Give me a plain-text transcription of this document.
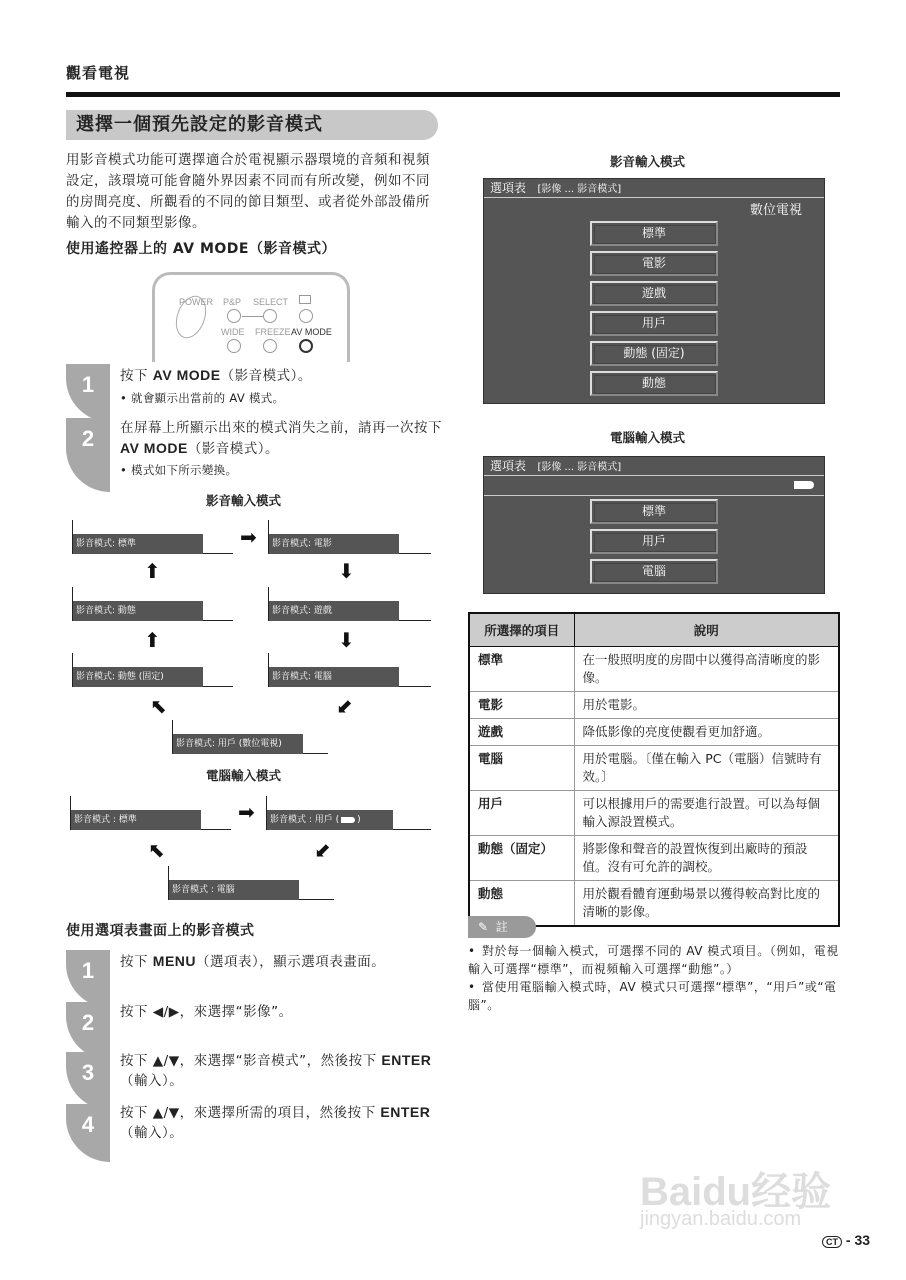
觀看電視
選擇一個預先設定的影音模式
用影音模式功能可選擇適合於電視顯示器環境的音頻和視頻設定，該環境可能會隨外界因素不同而有所改變，例如不同的房間亮度、所觀看的不同的節目類型、或者從外部設備所輸入的不同類型影像。
使用遙控器上的 AV MODE（影音模式）
POWER P&P SELECT
WIDE FREEZE AV MODE
1	按下 AV MODE（影音模式）。
• 就會顯示出當前的 AV 模式。
2	在屏幕上所顯示出來的模式消失之前，請再一次按下 AV MODE（影音模式）。
• 模式如下所示變換。
影音輸入模式
影音模式: 標準	➡	影音模式: 電影
⬆	⬇
影音模式: 動態	影音模式: 遊戲
⬆	⬇
影音模式: 動態 (固定)	影音模式: 電腦
⬉	⬋
影音模式: 用戶 (數位電視)
電腦輸入模式
影音模式 : 標準	➡	影音模式 : 用戶 ( )
⬉	⬋
影音模式 : 電腦
使用選項表畫面上的影音模式
1	按下 MENU（選項表），顯示選項表畫面。
2	按下 ◀/▶，來選擇“影像”。
3	按下 ▲/▼，來選擇“影音模式”，然後按下 ENTER（輸入）。
4	按下 ▲/▼，來選擇所需的項目，然後按下 ENTER（輸入）。
影音輸入模式
選項表 [影像 ... 影音模式]
數位電視
標準
電影
遊戲
用戶
動態 (固定)
動態
電腦輸入模式
選項表 [影像 ... 影音模式]
標準
用戶
電腦
所選擇的項目	說明
標準	在一般照明度的房間中以獲得高清晰度的影像。
電影	用於電影。
遊戲	降低影像的亮度使觀看更加舒適。
電腦	用於電腦。〔僅在輸入 PC（電腦）信號時有效。〕
用戶	可以根據用戶的需要進行設置。可以為每個輸入源設置模式。
動態（固定）	將影像和聲音的設置恢復到出廠時的預設值。沒有可允許的調校。
動態	用於觀看體育運動場景以獲得較高對比度的清晰的影像。
✎ 註
• 對於每一個輸入模式，可選擇不同的 AV 模式項目。（例如，電視輸入可選擇“標準”，而視頻輸入可選擇“動態”。）
• 當使用電腦輸入模式時，AV 模式只可選擇“標準”，“用戶”或“電腦”。
Baidu经验
jingyan.baidu.com
CT - 33
